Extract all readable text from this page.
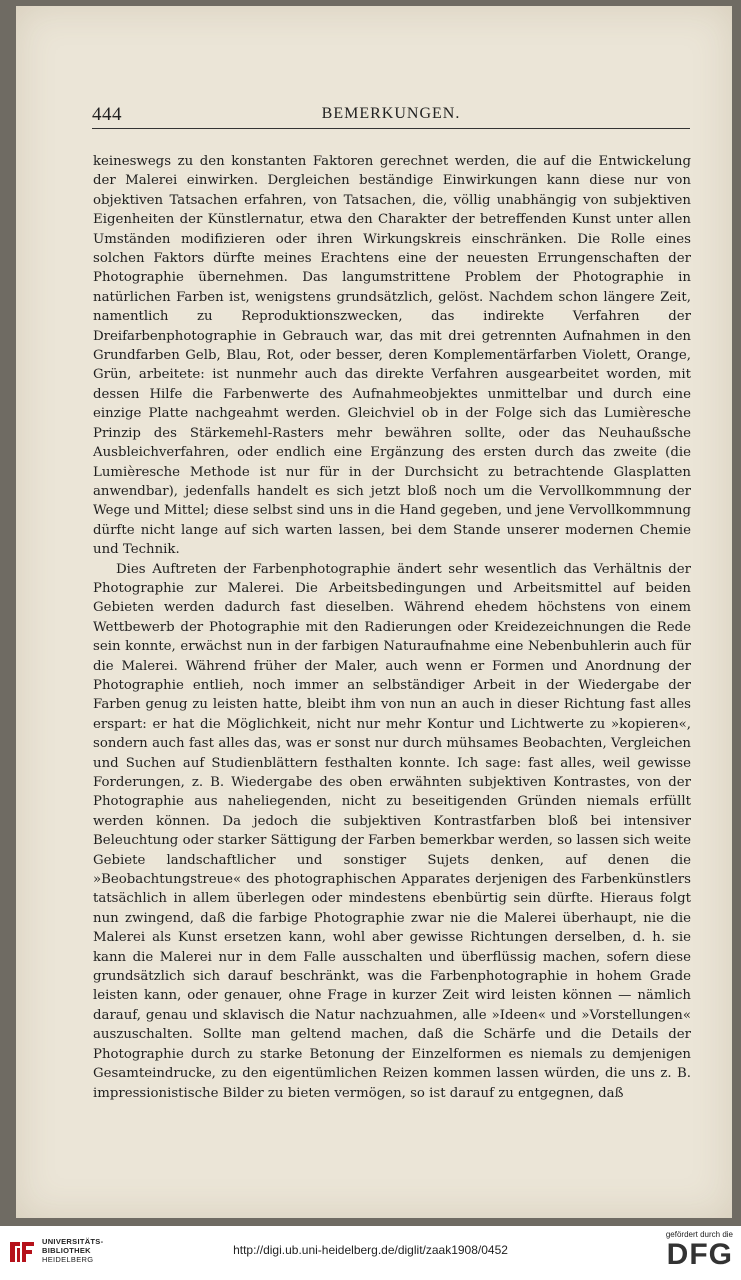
444	BEMERKUNGEN.

keineswegs zu den konstanten Faktoren gerechnet werden, die auf die Entwickelung der Malerei einwirken. Dergleichen beständige Einwirkungen kann diese nur von objektiven Tatsachen erfahren, von Tatsachen, die, völlig unabhängig von subjektiven Eigenheiten der Künstlernatur, etwa den Charakter der betreffenden Kunst unter allen Umständen modifizieren oder ihren Wirkungskreis einschränken. Die Rolle eines solchen Faktors dürfte meines Erachtens eine der neuesten Errungenschaften der Photographie übernehmen. Das langumstrittene Problem der Photographie in natürlichen Farben ist, wenigstens grundsätzlich, gelöst. Nachdem schon längere Zeit, namentlich zu Reproduktionszwecken, das indirekte Verfahren der Dreifarbenphotographie in Gebrauch war, das mit drei getrennten Aufnahmen in den Grundfarben Gelb, Blau, Rot, oder besser, deren Komplementärfarben Violett, Orange, Grün, arbeitete: ist nunmehr auch das direkte Verfahren ausgearbeitet worden, mit dessen Hilfe die Farbenwerte des Aufnahmeobjektes unmittelbar und durch eine einzige Platte nachgeahmt werden. Gleichviel ob in der Folge sich das Lumièresche Prinzip des Stärkemehl-Rasters mehr bewähren sollte, oder das Neuhaußsche Ausbleichverfahren, oder endlich eine Ergänzung des ersten durch das zweite (die Lumièresche Methode ist nur für in der Durchsicht zu betrachtende Glasplatten anwendbar), jedenfalls handelt es sich jetzt bloß noch um die Vervollkommnung der Wege und Mittel; diese selbst sind uns in die Hand gegeben, und jene Vervollkommnung dürfte nicht lange auf sich warten lassen, bei dem Stande unserer modernen Chemie und Technik.

Dies Auftreten der Farbenphotographie ändert sehr wesentlich das Verhältnis der Photographie zur Malerei. Die Arbeitsbedingungen und Arbeitsmittel auf beiden Gebieten werden dadurch fast dieselben. Während ehedem höchstens von einem Wettbewerb der Photographie mit den Radierungen oder Kreidezeichnungen die Rede sein konnte, erwächst nun in der farbigen Naturaufnahme eine Nebenbuhlerin auch für die Malerei. Während früher der Maler, auch wenn er Formen und Anordnung der Photographie entlieh, noch immer an selbständiger Arbeit in der Wiedergabe der Farben genug zu leisten hatte, bleibt ihm von nun an auch in dieser Richtung fast alles erspart: er hat die Möglichkeit, nicht nur mehr Kontur und Lichtwerte zu »kopieren«, sondern auch fast alles das, was er sonst nur durch mühsames Beobachten, Vergleichen und Suchen auf Studienblättern festhalten konnte. Ich sage: fast alles, weil gewisse Forderungen, z. B. Wiedergabe des oben erwähnten subjektiven Kontrastes, von der Photographie aus naheliegenden, nicht zu beseitigenden Gründen niemals erfüllt werden können. Da jedoch die subjektiven Kontrastfarben bloß bei intensiver Beleuchtung oder starker Sättigung der Farben bemerkbar werden, so lassen sich weite Gebiete landschaftlicher und sonstiger Sujets denken, auf denen die »Beobachtungstreue« des photographischen Apparates derjenigen des Farbenkünstlers tatsächlich in allem überlegen oder mindestens ebenbürtig sein dürfte. Hieraus folgt nun zwingend, daß die farbige Photographie zwar nie die Malerei überhaupt, nie die Malerei als Kunst ersetzen kann, wohl aber gewisse Richtungen derselben, d. h. sie kann die Malerei nur in dem Falle ausschalten und überflüssig machen, sofern diese grundsätzlich sich darauf beschränkt, was die Farbenphotographie in hohem Grade leisten kann, oder genauer, ohne Frage in kurzer Zeit wird leisten können — nämlich darauf, genau und sklavisch die Natur nachzuahmen, alle »Ideen« und »Vorstellungen« auszuschalten. Sollte man geltend machen, daß die Schärfe und die Details der Photographie durch zu starke Betonung der Einzelformen es niemals zu demjenigen Gesamteindrucke, zu den eigentümlichen Reizen kommen lassen würden, die uns z. B. impressionistische Bilder zu bieten vermögen, so ist darauf zu entgegnen, daß

UNIVERSITÄTS-
BIBLIOTHEK
HEIDELBERG
http://digi.ub.uni-heidelberg.de/diglit/zaak1908/0452
gefördert durch die
DFG
